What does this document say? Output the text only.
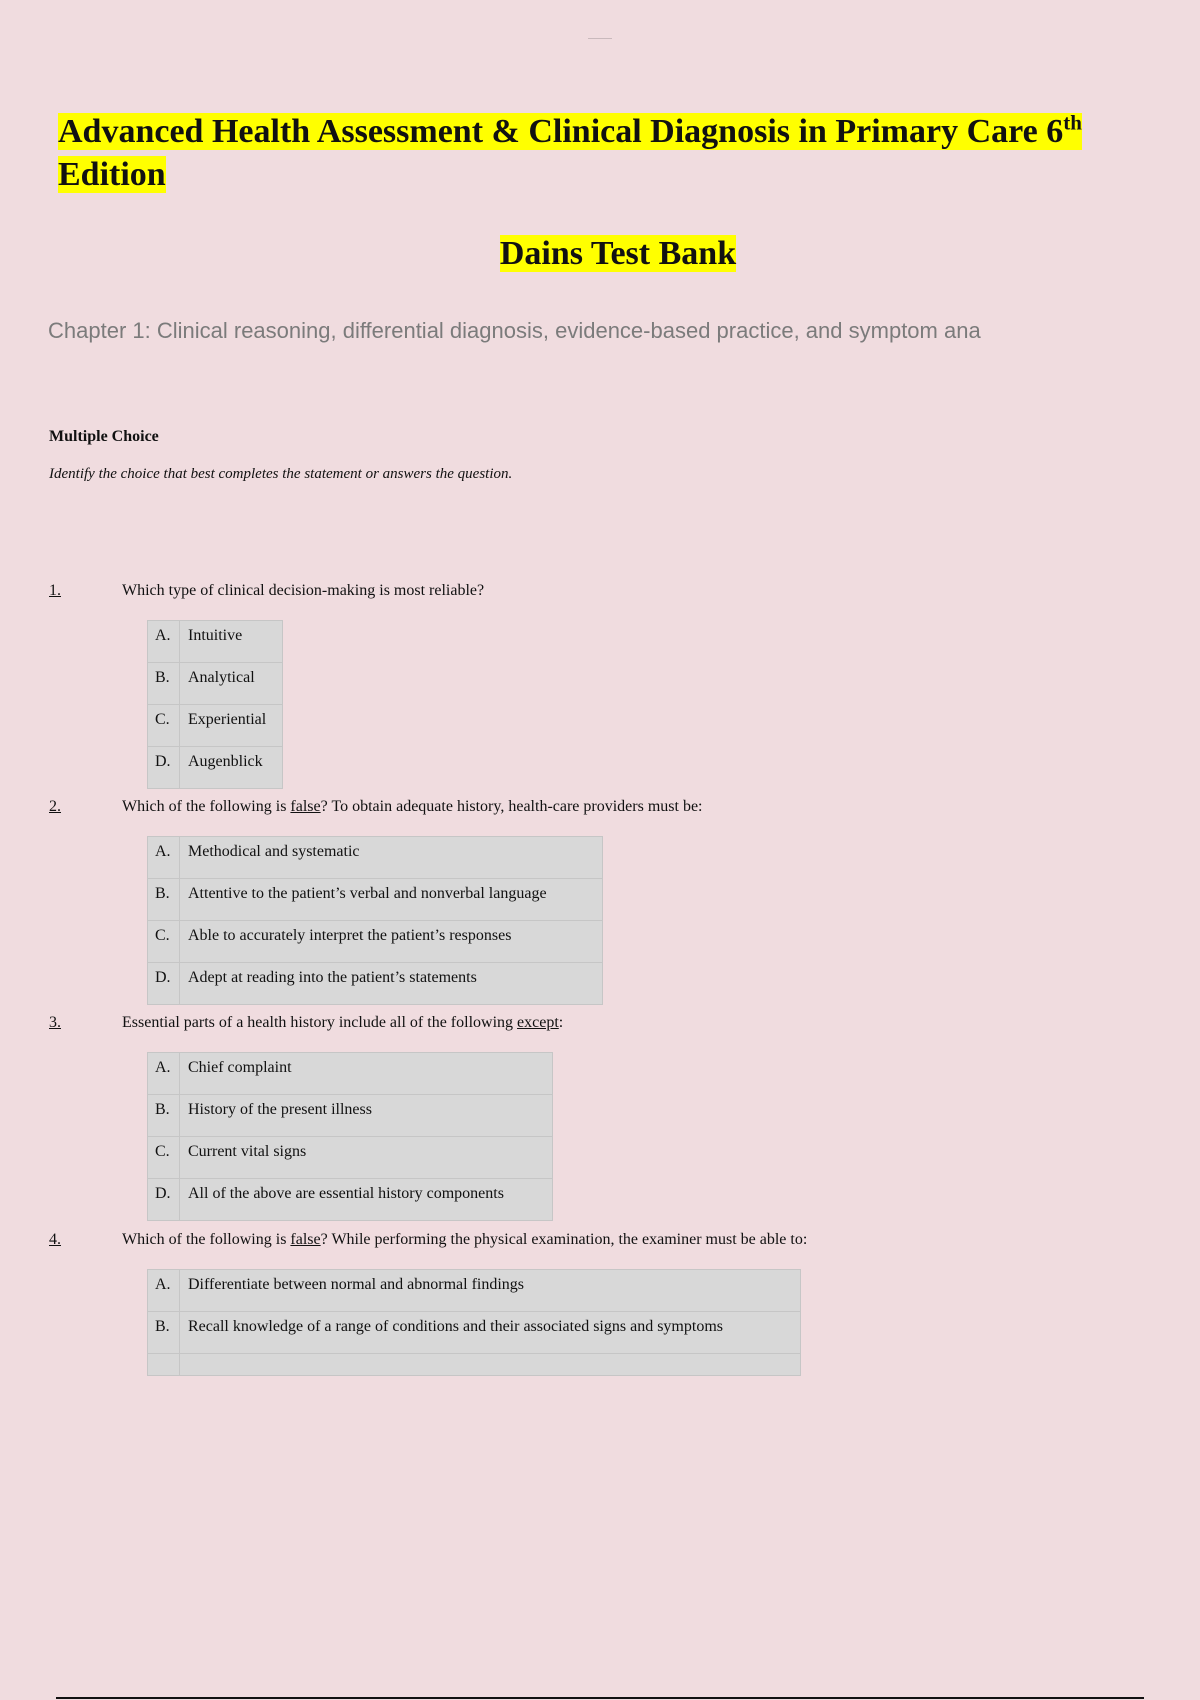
Advanced Health Assessment & Clinical Diagnosis in Primary Care 6th
Edition
Dains Test Bank
Chapter 1: Clinical reasoning, differential diagnosis, evidence-based practice, and symptom ana
Multiple Choice
Identify the choice that best completes the statement or answers the question.
1.	Which type of clinical decision-making is most reliable?
A.	Intuitive
B.	Analytical
C.	Experiential
D.	Augenblick
2.	Which of the following is false? To obtain adequate history, health-care providers must be:
A.	Methodical and systematic
B.	Attentive to the patient’s verbal and nonverbal language
C.	Able to accurately interpret the patient’s responses
D.	Adept at reading into the patient’s statements
3.	Essential parts of a health history include all of the following except:
A.	Chief complaint
B.	History of the present illness
C.	Current vital signs
D.	All of the above are essential history components
4.	Which of the following is false? While performing the physical examination, the examiner must be able to:
A.	Differentiate between normal and abnormal findings
B.	Recall knowledge of a range of conditions and their associated signs and symptoms
